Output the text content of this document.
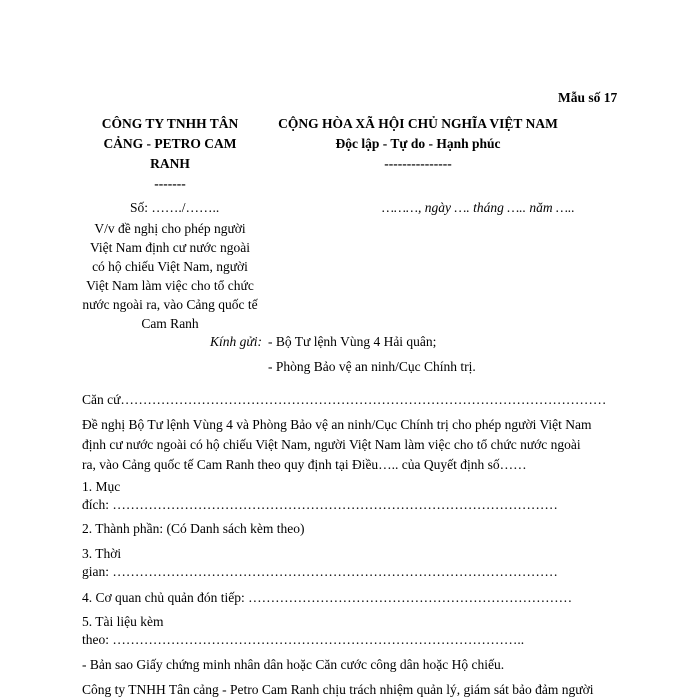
Mẫu số 17
CÔNG TY TNHH TÂN
CẢNG - PETRO CAM
RANH
-------
Số: ……./……..
V/v đề nghị cho phép người
Việt Nam định cư nước ngoài
có hộ chiếu Việt Nam, người
Việt Nam làm việc cho tổ chức
nước ngoài ra, vào Cảng quốc tế
Cam Ranh
CỘNG HÒA XÃ HỘI CHỦ NGHĨA VIỆT NAM
Độc lập - Tự do - Hạnh phúc
---------------
………, ngày …. tháng ….. năm …..
Kính gửi: - Bộ Tư lệnh Vùng 4 Hải quân;
- Phòng Bảo vệ an ninh/Cục Chính trị.
Căn cứ………………………………………………………………………………………………
Đề nghị Bộ Tư lệnh Vùng 4 và Phòng Bảo vệ an ninh/Cục Chính trị cho phép người Việt Nam
định cư nước ngoài có hộ chiếu Việt Nam, người Việt Nam làm việc cho tổ chức nước ngoài
ra, vào Cảng quốc tế Cam Ranh theo quy định tại Điều….. của Quyết định số……
1. Mục
đích: ………………………………………………………………………………………
2. Thành phần: (Có Danh sách kèm theo)
3. Thời
gian: ………………………………………………………………………………………
4. Cơ quan chủ quản đón tiếp: ………………………………………………………………
5. Tài liệu kèm
theo: ………………………………………………………………………………..
- Bản sao Giấy chứng minh nhân dân hoặc Căn cước công dân hoặc Hộ chiếu.
Công ty TNHH Tân cảng - Petro Cam Ranh chịu trách nhiệm quản lý, giám sát bảo đảm người
